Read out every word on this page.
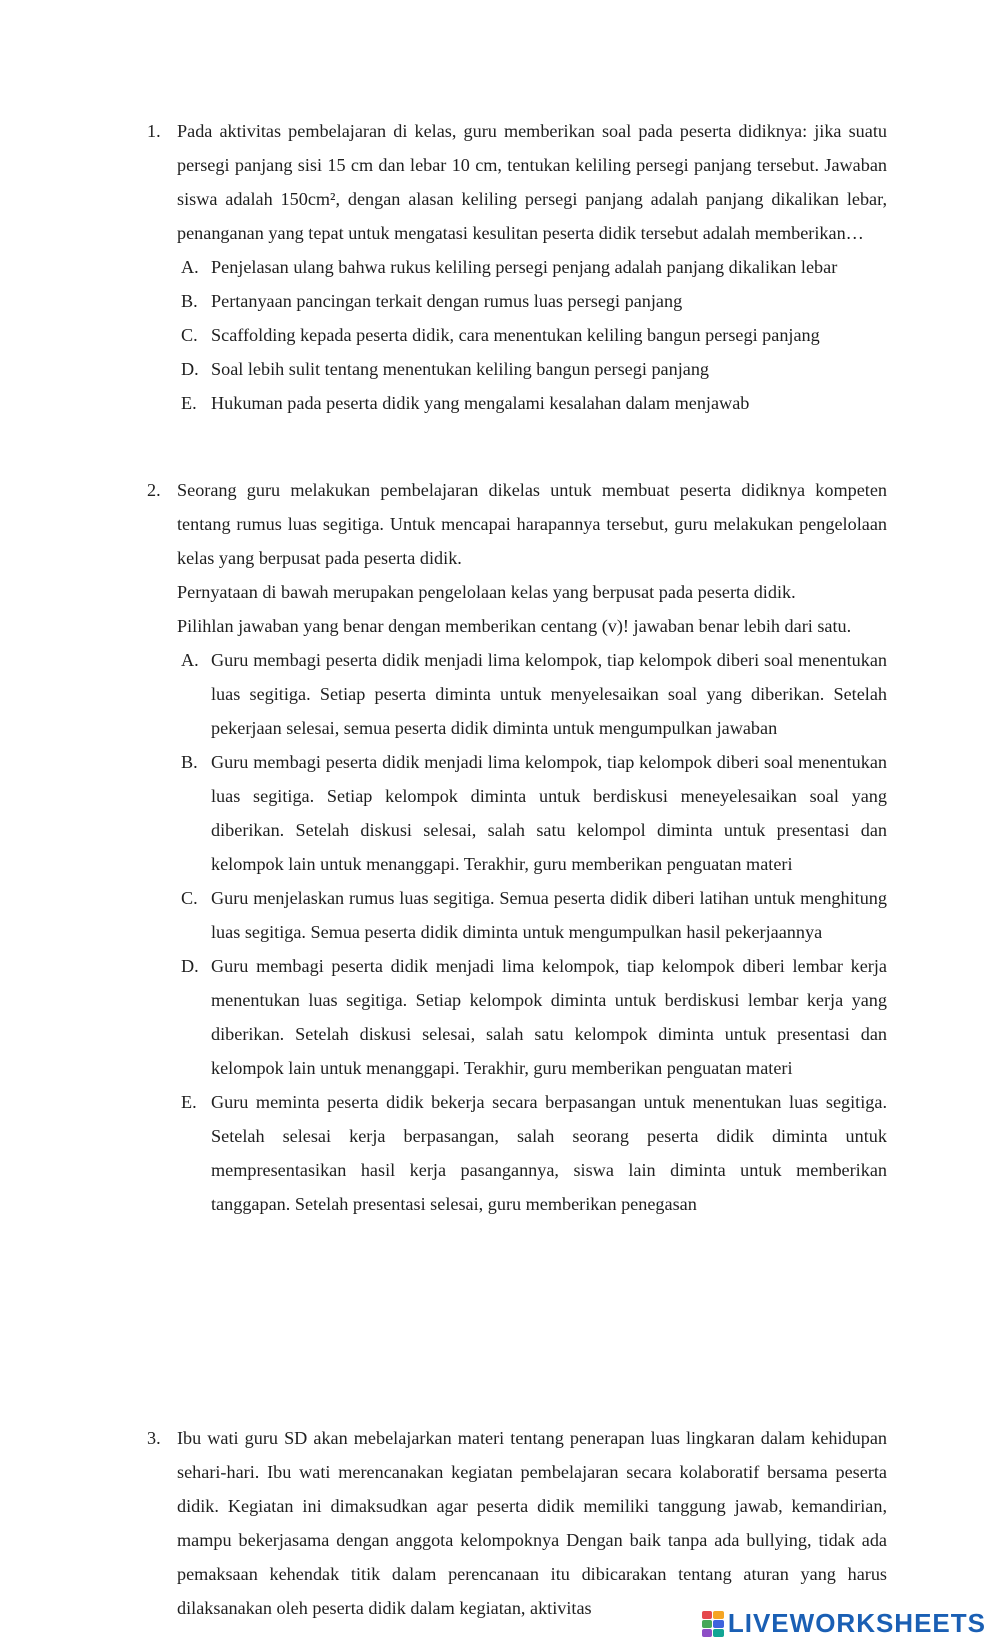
1. Pada aktivitas pembelajaran di kelas, guru memberikan soal pada peserta didiknya: jika suatu persegi panjang sisi 15 cm dan lebar 10 cm, tentukan keliling persegi panjang tersebut. Jawaban siswa adalah 150cm², dengan alasan keliling persegi panjang adalah panjang dikalikan lebar, penanganan yang tepat untuk mengatasi kesulitan peserta didik tersebut adalah memberikan…

A. Penjelasan ulang bahwa rukus keliling persegi penjang adalah panjang dikalikan lebar
B. Pertanyaan pancingan terkait dengan rumus luas persegi panjang
C. Scaffolding kepada peserta didik, cara menentukan keliling bangun persegi panjang
D. Soal lebih sulit tentang menentukan keliling bangun persegi panjang
E. Hukuman pada peserta didik yang mengalami kesalahan dalam menjawab
2. Seorang guru melakukan pembelajaran dikelas untuk membuat peserta didiknya kompeten tentang rumus luas segitiga. Untuk mencapai harapannya tersebut, guru melakukan pengelolaan kelas yang berpusat pada peserta didik.

Pernyataan di bawah merupakan pengelolaan kelas yang berpusat pada peserta didik.

Pilihlan jawaban yang benar dengan memberikan centang (v)! jawaban benar lebih dari satu.

A. Guru membagi peserta didik menjadi lima kelompok, tiap kelompok diberi soal menentukan luas segitiga. Setiap peserta diminta untuk menyelesaikan soal yang diberikan. Setelah pekerjaan selesai, semua peserta didik diminta untuk mengumpulkan jawaban
B. Guru membagi peserta didik menjadi lima kelompok, tiap kelompok diberi soal menentukan luas segitiga. Setiap kelompok diminta untuk berdiskusi meneyelesaikan soal yang diberikan. Setelah diskusi selesai, salah satu kelompol diminta untuk presentasi dan kelompok lain untuk menanggapi. Terakhir, guru memberikan penguatan materi
C. Guru menjelaskan rumus luas segitiga. Semua peserta didik diberi latihan untuk menghitung luas segitiga. Semua peserta didik diminta untuk mengumpulkan hasil pekerjaannya
D. Guru membagi peserta didik menjadi lima kelompok, tiap kelompok diberi lembar kerja menentukan luas segitiga. Setiap kelompok diminta untuk berdiskusi lembar kerja yang diberikan. Setelah diskusi selesai, salah satu kelompok diminta untuk presentasi dan kelompok lain untuk menanggapi. Terakhir, guru memberikan penguatan materi
E. Guru meminta peserta didik bekerja secara berpasangan untuk menentukan luas segitiga. Setelah selesai kerja berpasangan, salah seorang peserta didik diminta untuk mempresentasikan hasil kerja pasangannya, siswa lain diminta untuk memberikan tanggapan. Setelah presentasi selesai, guru memberikan penegasan
3. Ibu wati guru SD akan mebelajarkan materi tentang penerapan luas lingkaran dalam kehidupan sehari-hari. Ibu wati merencanakan kegiatan pembelajaran secara kolaboratif bersama peserta didik. Kegiatan ini dimaksudkan agar peserta didik memiliki tanggung jawab, kemandirian, mampu bekerjasama dengan anggota kelompoknya Dengan baik tanpa ada bullying, tidak ada pemaksaan kehendak titik dalam perencanaan itu dibicarakan tentang aturan yang harus dilaksanakan oleh peserta didik dalam kegiatan, aktivitas	LIVEWORKSHEETS
